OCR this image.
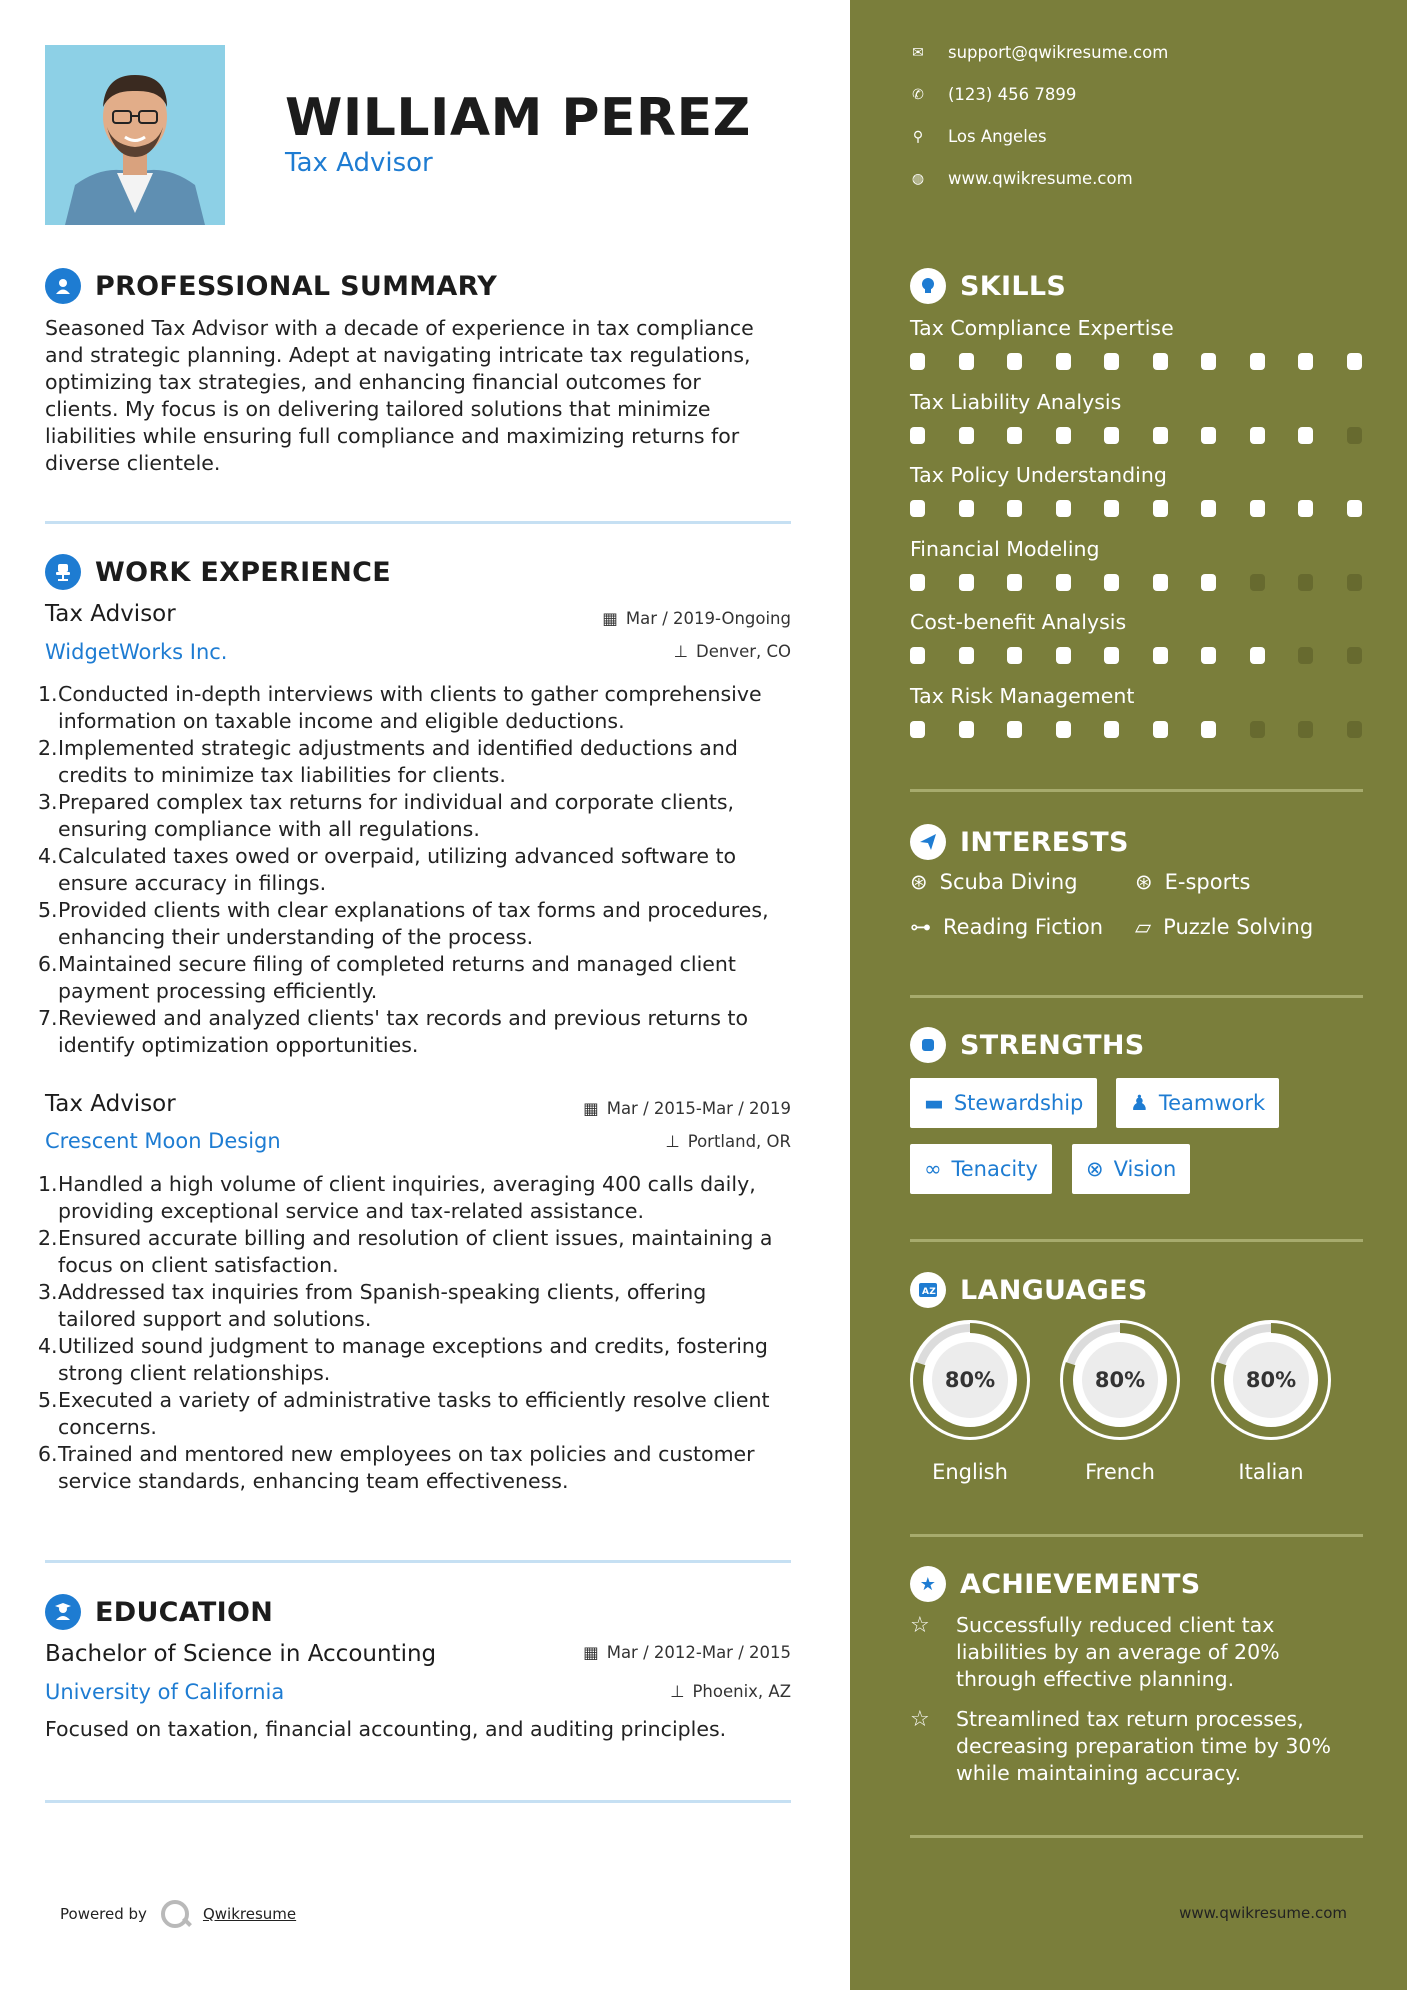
WILLIAM PEREZ
Tax Advisor
PROFESSIONAL SUMMARY
Seasoned Tax Advisor with a decade of experience in tax compliance
and strategic planning. Adept at navigating intricate tax regulations,
optimizing tax strategies, and enhancing financial outcomes for
clients. My focus is on delivering tailored solutions that minimize
liabilities while ensuring full compliance and maximizing returns for
diverse clientele.
WORK EXPERIENCE
Tax Advisor
WidgetWorks Inc.
▦ Mar / 2019-Ongoing
⊥ Denver, CO
1. Conducted in-depth interviews with clients to gather comprehensive
information on taxable income and eligible deductions.
2. Implemented strategic adjustments and identified deductions and
credits to minimize tax liabilities for clients.
3. Prepared complex tax returns for individual and corporate clients,
ensuring compliance with all regulations.
4. Calculated taxes owed or overpaid, utilizing advanced software to
ensure accuracy in filings.
5. Provided clients with clear explanations of tax forms and procedures,
enhancing their understanding of the process.
6. Maintained secure filing of completed returns and managed client
payment processing efficiently.
7. Reviewed and analyzed clients' tax records and previous returns to
identify optimization opportunities.
Tax Advisor
Crescent Moon Design
▦ Mar / 2015-Mar / 2019
⊥ Portland, OR
1. Handled a high volume of client inquiries, averaging 400 calls daily,
providing exceptional service and tax-related assistance.
2. Ensured accurate billing and resolution of client issues, maintaining a
focus on client satisfaction.
3. Addressed tax inquiries from Spanish-speaking clients, offering
tailored support and solutions.
4. Utilized sound judgment to manage exceptions and credits, fostering
strong client relationships.
5. Executed a variety of administrative tasks to efficiently resolve client
concerns.
6. Trained and mentored new employees on tax policies and customer
service standards, enhancing team effectiveness.
EDUCATION
Bachelor of Science in Accounting
University of California
▦ Mar / 2012-Mar / 2015
⊥ Phoenix, AZ
Focused on taxation, financial accounting, and auditing principles.
Powered by	Qwikresume
✉ support@qwikresume.com
✆ (123) 456 7899
⚲ Los Angeles
◍ www.qwikresume.com
SKILLS
Tax Compliance Expertise
Tax Liability Analysis
Tax Policy Understanding
Financial Modeling
Cost-benefit Analysis
Tax Risk Management
INTERESTS
⊛ Scuba Diving	⊛ E-sports
⊶ Reading Fiction ▱ Puzzle Solving
STRENGTHS
▬ Stewardship ♟ Teamwork
∞ Tenacity ⊗ Vision
AZ LANGUAGES
80%
English
80%
French
80%
Italian
★ ACHIEVEMENTS
☆	Successfully reduced client tax
liabilities by an average of 20%
through effective planning.
☆	Streamlined tax return processes,
decreasing preparation time by 30%
while maintaining accuracy.
www.qwikresume.com
